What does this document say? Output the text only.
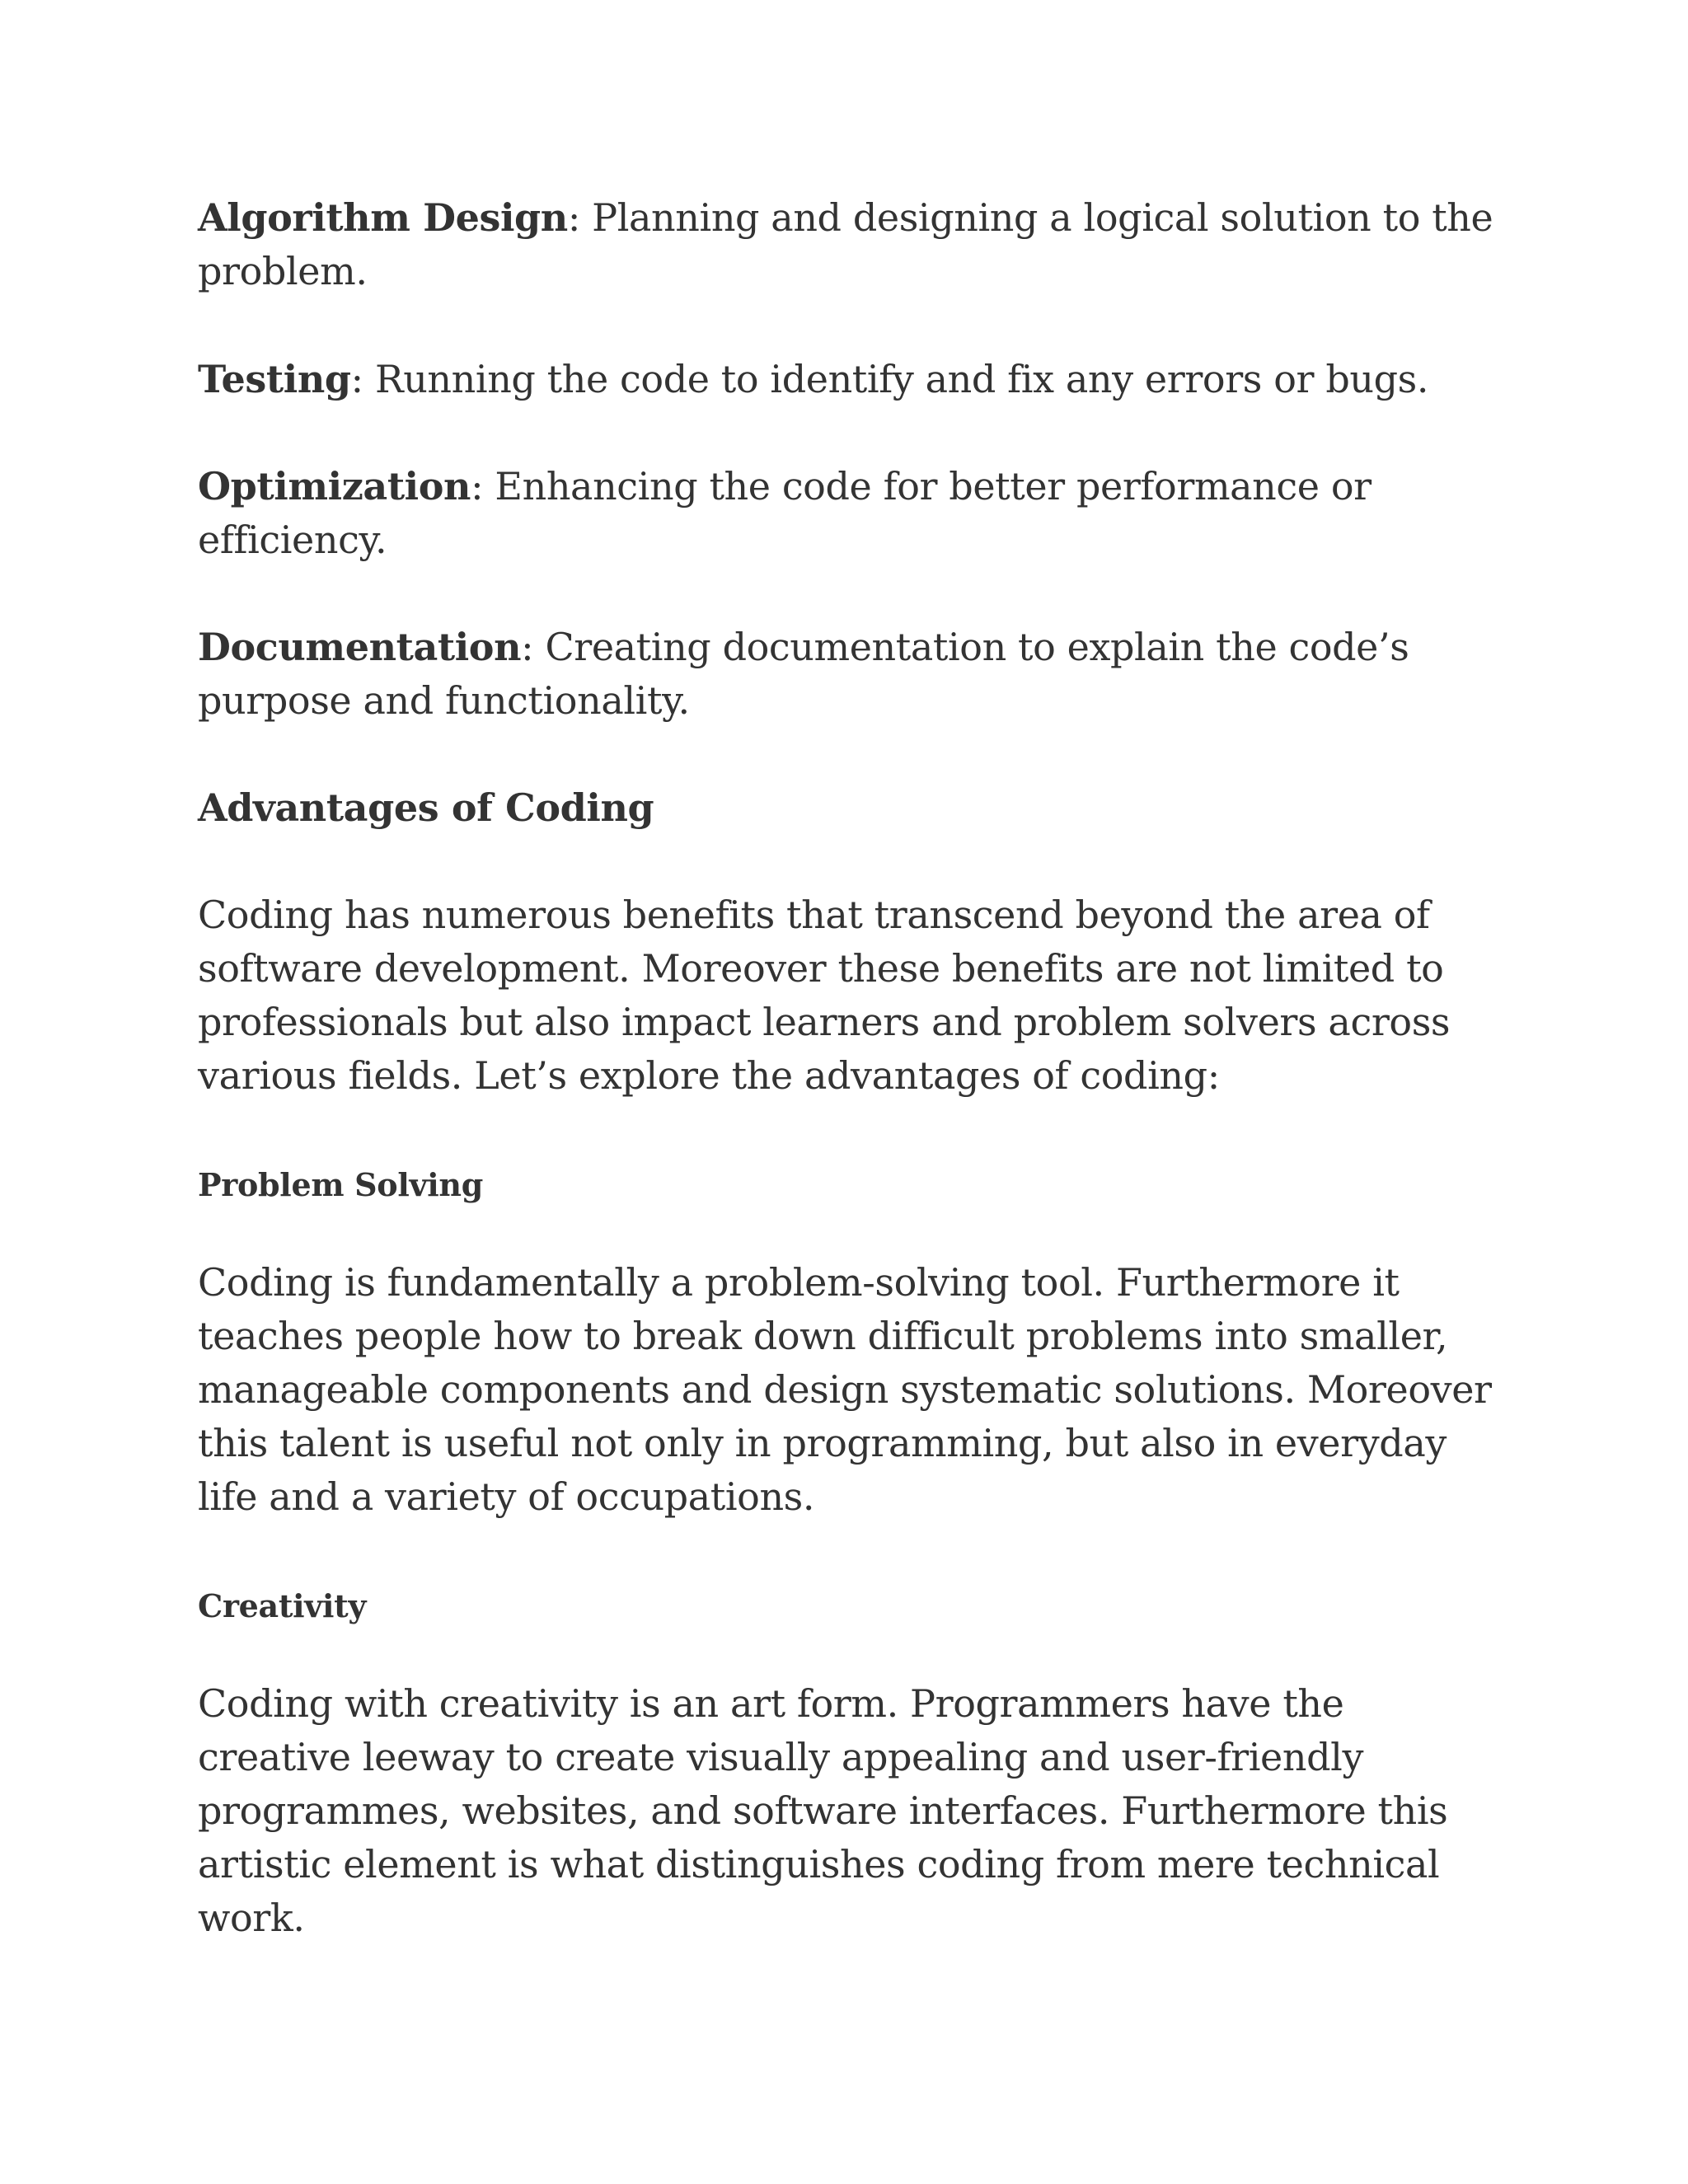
Algorithm Design: Planning and designing a logical solution to the problem.

Testing: Running the code to identify and fix any errors or bugs.

Optimization: Enhancing the code for better performance or efficiency.

Documentation: Creating documentation to explain the code’s purpose and functionality.

Advantages of Coding

Coding has numerous benefits that transcend beyond the area of software development. Moreover these benefits are not limited to professionals but also impact learners and problem solvers across various fields. Let’s explore the advantages of coding:

Problem Solving

Coding is fundamentally a problem-solving tool. Furthermore it teaches people how to break down difficult problems into smaller, manageable components and design systematic solutions. Moreover this talent is useful not only in programming, but also in everyday life and a variety of occupations.

Creativity

Coding with creativity is an art form. Programmers have the creative leeway to create visually appealing and user-friendly programmes, websites, and software interfaces. Furthermore this artistic element is what distinguishes coding from mere technical work.
